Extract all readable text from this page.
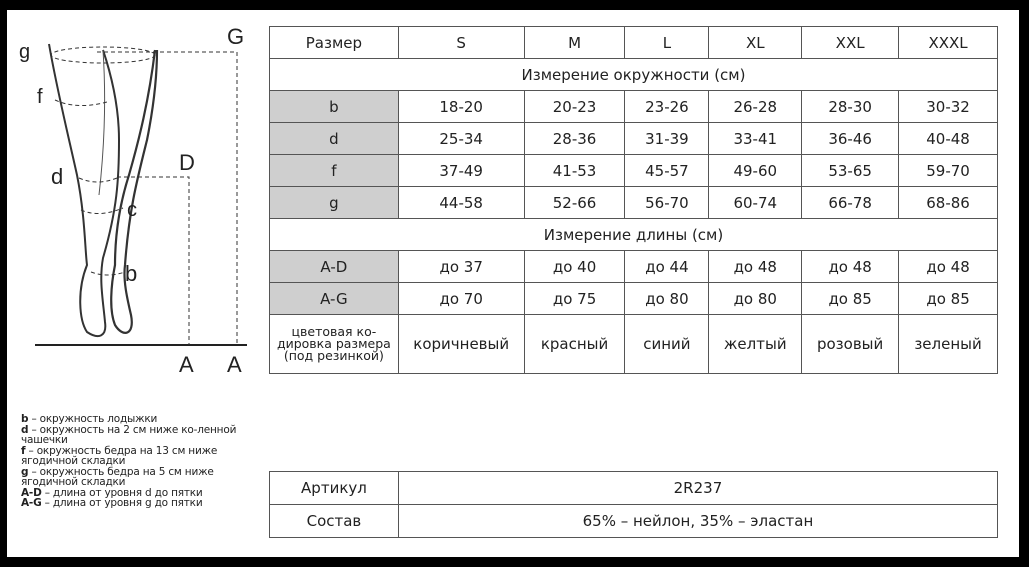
g
G
f
d
D
c
b
A A
b – окружность лодыжки
d – окружность на 2 см ниже ко-ленной чашечки
f – окружность бедра на 13 см ниже ягодичной складки
g – окружность бедра на 5 см ниже ягодичной складки
A-D – длина от уровня d до пятки
A-G – длина от уровня g до пятки
Размер	S	M	L	XL	XXL	XXXL
Измерение окружности (см)						
b	18-20	20-23	23-26	26-28	28-30	30-32
d	25-34	28-36	31-39	33-41	36-46	40-48
f	37-49	41-53	45-57	49-60	53-65	59-70
g	44-58	52-66	56-70	60-74	66-78	68-86
Измерение длины (см)						
A-D	до 37	до 40	до 44	до 48	до 48	до 48
A-G	до 70	до 75	до 80	до 80	до 85	до 85
цветовая ко-дировка размера (под резинкой)	коричневый	красный	синий	желтый	розовый	зеленый
Артикул	2R237
Состав	65% – нейлон, 35% – эластан
